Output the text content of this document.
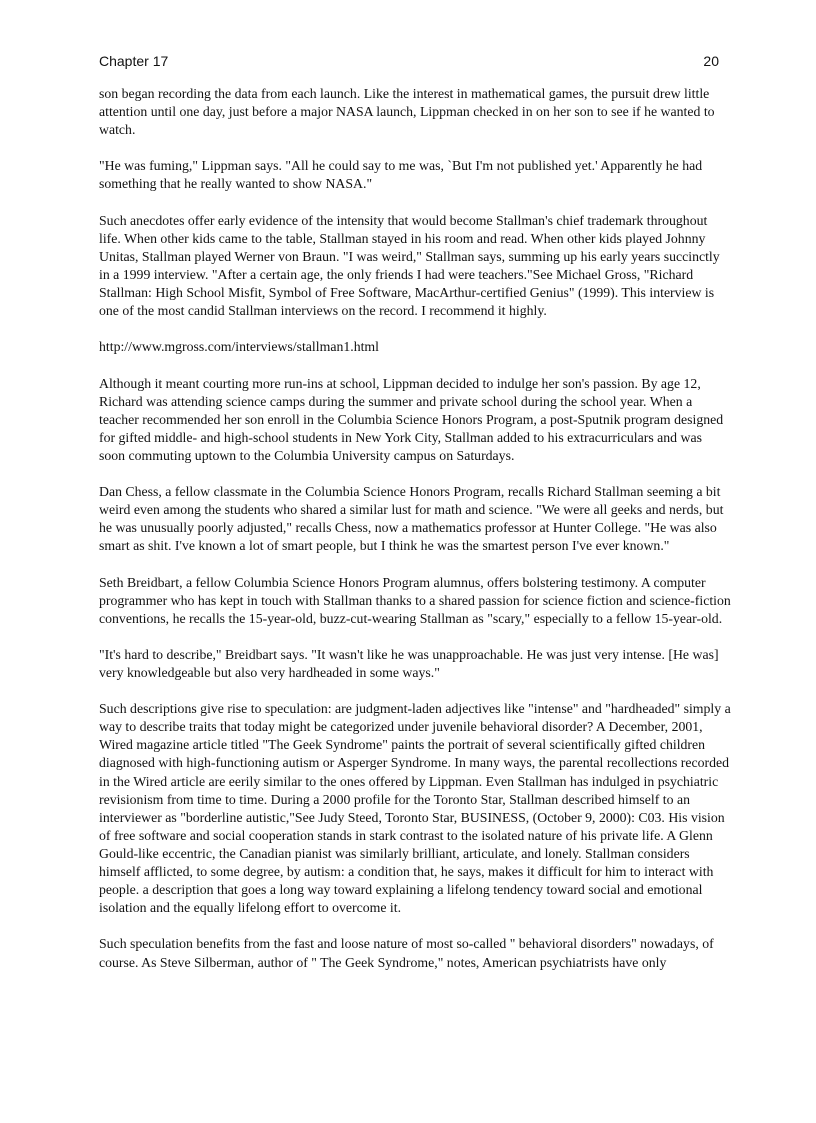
Chapter 17	20

son began recording the data from each launch. Like the interest in mathematical games, the pursuit drew little attention until one day, just before a major NASA launch, Lippman checked in on her son to see if he wanted to watch.

"He was fuming," Lippman says. "All he could say to me was, `But I'm not published yet.' Apparently he had something that he really wanted to show NASA."

Such anecdotes offer early evidence of the intensity that would become Stallman's chief trademark throughout life. When other kids came to the table, Stallman stayed in his room and read. When other kids played Johnny Unitas, Stallman played Werner von Braun. "I was weird," Stallman says, summing up his early years succinctly in a 1999 interview. "After a certain age, the only friends I had were teachers."See Michael Gross, "Richard Stallman: High School Misfit, Symbol of Free Software, MacArthur-certified Genius" (1999). This interview is one of the most candid Stallman interviews on the record. I recommend it highly.

http://www.mgross.com/interviews/stallman1.html

Although it meant courting more run-ins at school, Lippman decided to indulge her son's passion. By age 12, Richard was attending science camps during the summer and private school during the school year. When a teacher recommended her son enroll in the Columbia Science Honors Program, a post-Sputnik program designed for gifted middle- and high-school students in New York City, Stallman added to his extracurriculars and was soon commuting uptown to the Columbia University campus on Saturdays.

Dan Chess, a fellow classmate in the Columbia Science Honors Program, recalls Richard Stallman seeming a bit weird even among the students who shared a similar lust for math and science. "We were all geeks and nerds, but he was unusually poorly adjusted," recalls Chess, now a mathematics professor at Hunter College. "He was also smart as shit. I've known a lot of smart people, but I think he was the smartest person I've ever known."

Seth Breidbart, a fellow Columbia Science Honors Program alumnus, offers bolstering testimony. A computer programmer who has kept in touch with Stallman thanks to a shared passion for science fiction and science-fiction conventions, he recalls the 15-year-old, buzz-cut-wearing Stallman as "scary," especially to a fellow 15-year-old.

"It's hard to describe," Breidbart says. "It wasn't like he was unapproachable. He was just very intense. [He was] very knowledgeable but also very hardheaded in some ways."

Such descriptions give rise to speculation: are judgment-laden adjectives like "intense" and "hardheaded" simply a way to describe traits that today might be categorized under juvenile behavioral disorder? A December, 2001, Wired magazine article titled "The Geek Syndrome" paints the portrait of several scientifically gifted children diagnosed with high-functioning autism or Asperger Syndrome. In many ways, the parental recollections recorded in the Wired article are eerily similar to the ones offered by Lippman. Even Stallman has indulged in psychiatric revisionism from time to time. During a 2000 profile for the Toronto Star, Stallman described himself to an interviewer as "borderline autistic,"See Judy Steed, Toronto Star, BUSINESS, (October 9, 2000): C03. His vision of free software and social cooperation stands in stark contrast to the isolated nature of his private life. A Glenn Gould-like eccentric, the Canadian pianist was similarly brilliant, articulate, and lonely. Stallman considers himself afflicted, to some degree, by autism: a condition that, he says, makes it difficult for him to interact with people. a description that goes a long way toward explaining a lifelong tendency toward social and emotional isolation and the equally lifelong effort to overcome it.

Such speculation benefits from the fast and loose nature of most so-called " behavioral disorders" nowadays, of course. As Steve Silberman, author of " The Geek Syndrome," notes, American psychiatrists have only
